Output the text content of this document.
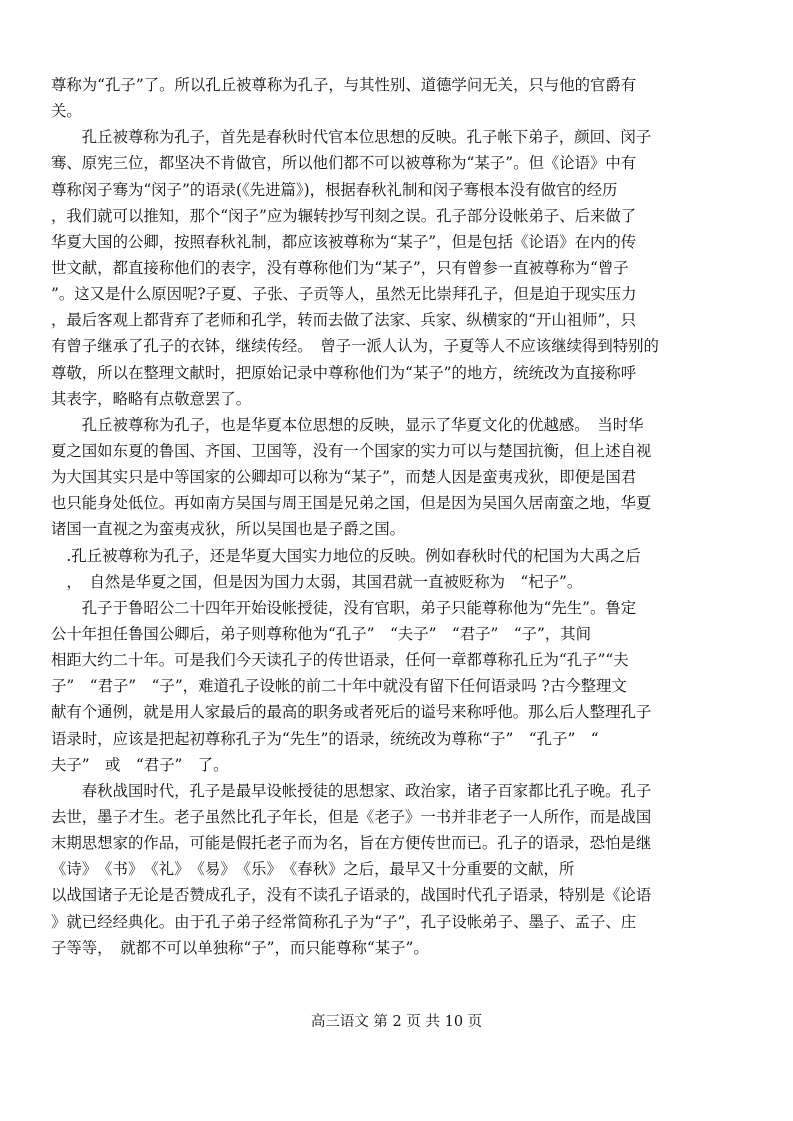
尊称为“孔子”了。所以孔丘被尊称为孔子，与其性别、道德学问无关，只与他的官爵有
关。
　　孔丘被尊称为孔子，首先是春秋时代官本位思想的反映。孔子帐下弟子，颜回、闵子
骞、原宪三位，都坚决不肯做官，所以他们都不可以被尊称为“某子”。但《论语》中有
尊称闵子骞为“闵子”的语录(《先进篇》)，根据春秋礼制和闵子骞根本没有做官的经历
，我们就可以推知，那个“闵子”应为辗转抄写刊刻之误。孔子部分设帐弟子、后来做了
华夏大国的公卿，按照春秋礼制，都应该被尊称为“某子”，但是包括《论语》在内的传
世文献，都直接称他们的表字，没有尊称他们为“某子”，只有曾参一直被尊称为“曾子
”。这又是什么原因呢?子夏、子张、子贡等人，虽然无比崇拜孔子，但是迫于现实压力
，最后客观上都背弃了老师和孔学，转而去做了法家、兵家、纵横家的“开山祖师”，只
有曾子继承了孔子的衣钵，继续传经。　曾子一派人认为，子夏等人不应该继续得到特别的
尊敬，所以在整理文献时，把原始记录中尊称他们为“某子”的地方，统统改为直接称呼
其表字，略略有点敬意罢了。
　　孔丘被尊称为孔子，也是华夏本位思想的反映，显示了华夏文化的优越感。　当时华
夏之国如东夏的鲁国、齐国、卫国等，没有一个国家的实力可以与楚国抗衡，但上述自视
为大国其实只是中等国家的公卿却可以称为“某子”，而楚人因是蛮夷戎狄，即便是国君
也只能身处低位。再如南方吴国与周王国是兄弟之国，但是因为吴国久居南蛮之地，华夏
诸国一直视之为蛮夷戎狄，所以吴国也是子爵之国。
　.孔丘被尊称为孔子，还是华夏大国实力地位的反映。例如春秋时代的杞国为大禹之后
　，　自然是华夏之国，但是因为国力太弱，其国君就一直被贬称为　“杞子”。
　　孔子于鲁昭公二十四年开始设帐授徒，没有官职，弟子只能尊称他为“先生”。鲁定
公十年担任鲁国公卿后，弟子则尊称他为“孔子”　“夫子”　“君子”　“子”，其间
相距大约二十年。可是我们今天读孔子的传世语录，任何一章都尊称孔丘为“孔子”“夫
子”　“君子”　“子”，难道孔子设帐的前二十年中就没有留下任何语录吗 ?古今整理文
献有个通例，就是用人家最后的最高的职务或者死后的谥号来称呼他。那么后人整理孔子
语录时，应该是把起初尊称孔子为“先生”的语录，统统改为尊称“子”　“孔子”　“
夫子”　或　“君子”　了。
　　春秋战国时代，孔子是最早设帐授徒的思想家、政治家，诸子百家都比孔子晚。孔子
去世，墨子才生。老子虽然比孔子年长，但是《老子》一书并非老子一人所作，而是战国
末期思想家的作品，可能是假托老子而为名，旨在方便传世而已。孔子的语录，恐怕是继
《诗》　《书》　《礼》　《易》　《乐》　《春秋》之后，最早又十分重要的文献，所
以战国诸子无论是否赞成孔子，没有不读孔子语录的，战国时代孔子语录，特别是《论语
》就已经经典化。由于孔子弟子经常简称孔子为“子”，孔子设帐弟子、墨子、孟子、庄
子等等，　就都不可以单独称“子”，而只能尊称“某子”。
高三语文 第 2 页 共 10 页
